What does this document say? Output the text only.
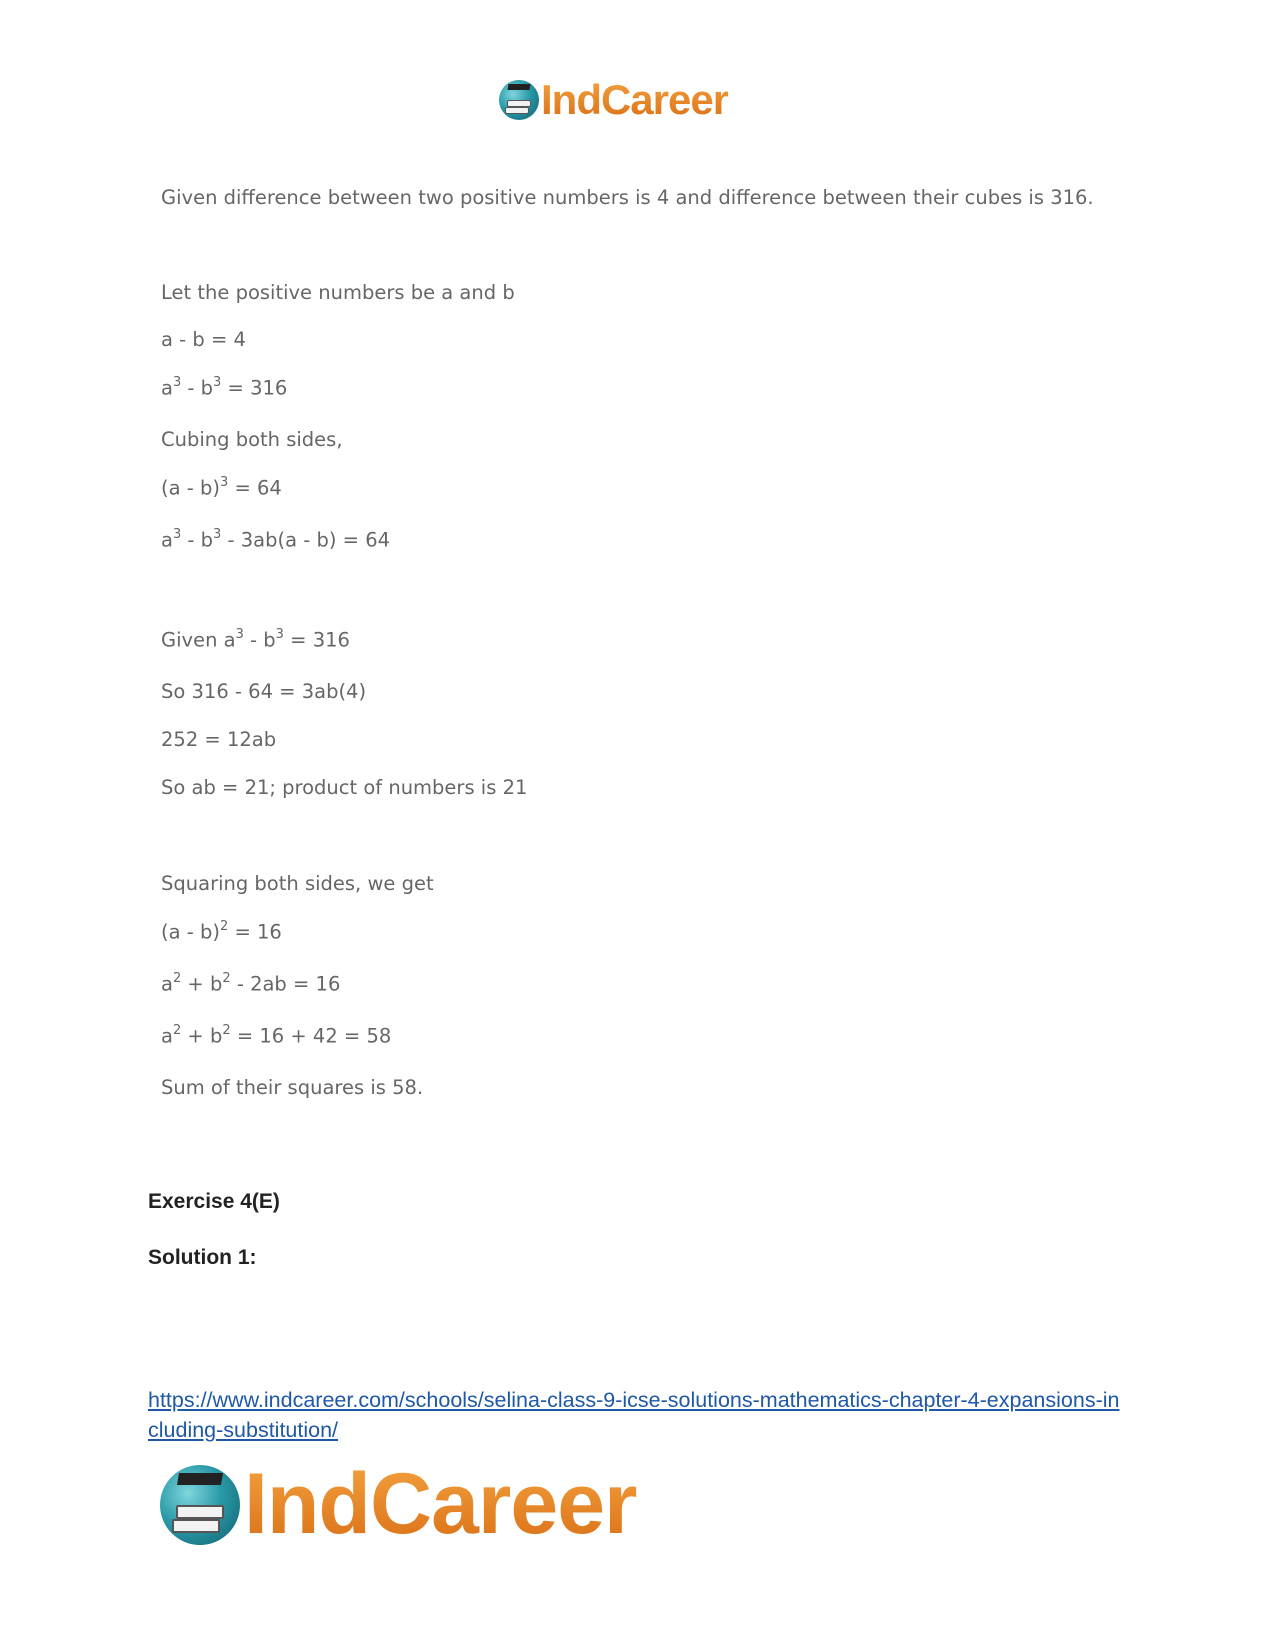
IndCareer
Given difference between two positive numbers is 4 and difference between their cubes is 316.
Let the positive numbers be a and b
a - b = 4
$a^3 - b^3 = 316$
Cubing both sides,
(a - b)$^3$ = 64
$a^3 - b^3 - 3ab(a - b) = 64$
Given $a^3 - b^3 = 316$
So 316 - 64 = 3ab(4)
252 = 12ab
So ab = 21; product of numbers is 21
Squaring both sides, we get
(a - b)$^2$ = 16
$a^2 + b^2 - 2ab = 16$
$a^2 + b^2 = 16 + 42 = 58$
Sum of their squares is 58.
Exercise 4(E)
Solution 1:
https://www.indcareer.com/schools/selina-class-9-icse-solutions-mathematics-chapter-4-expansions-including-substitution/
IndCareer
